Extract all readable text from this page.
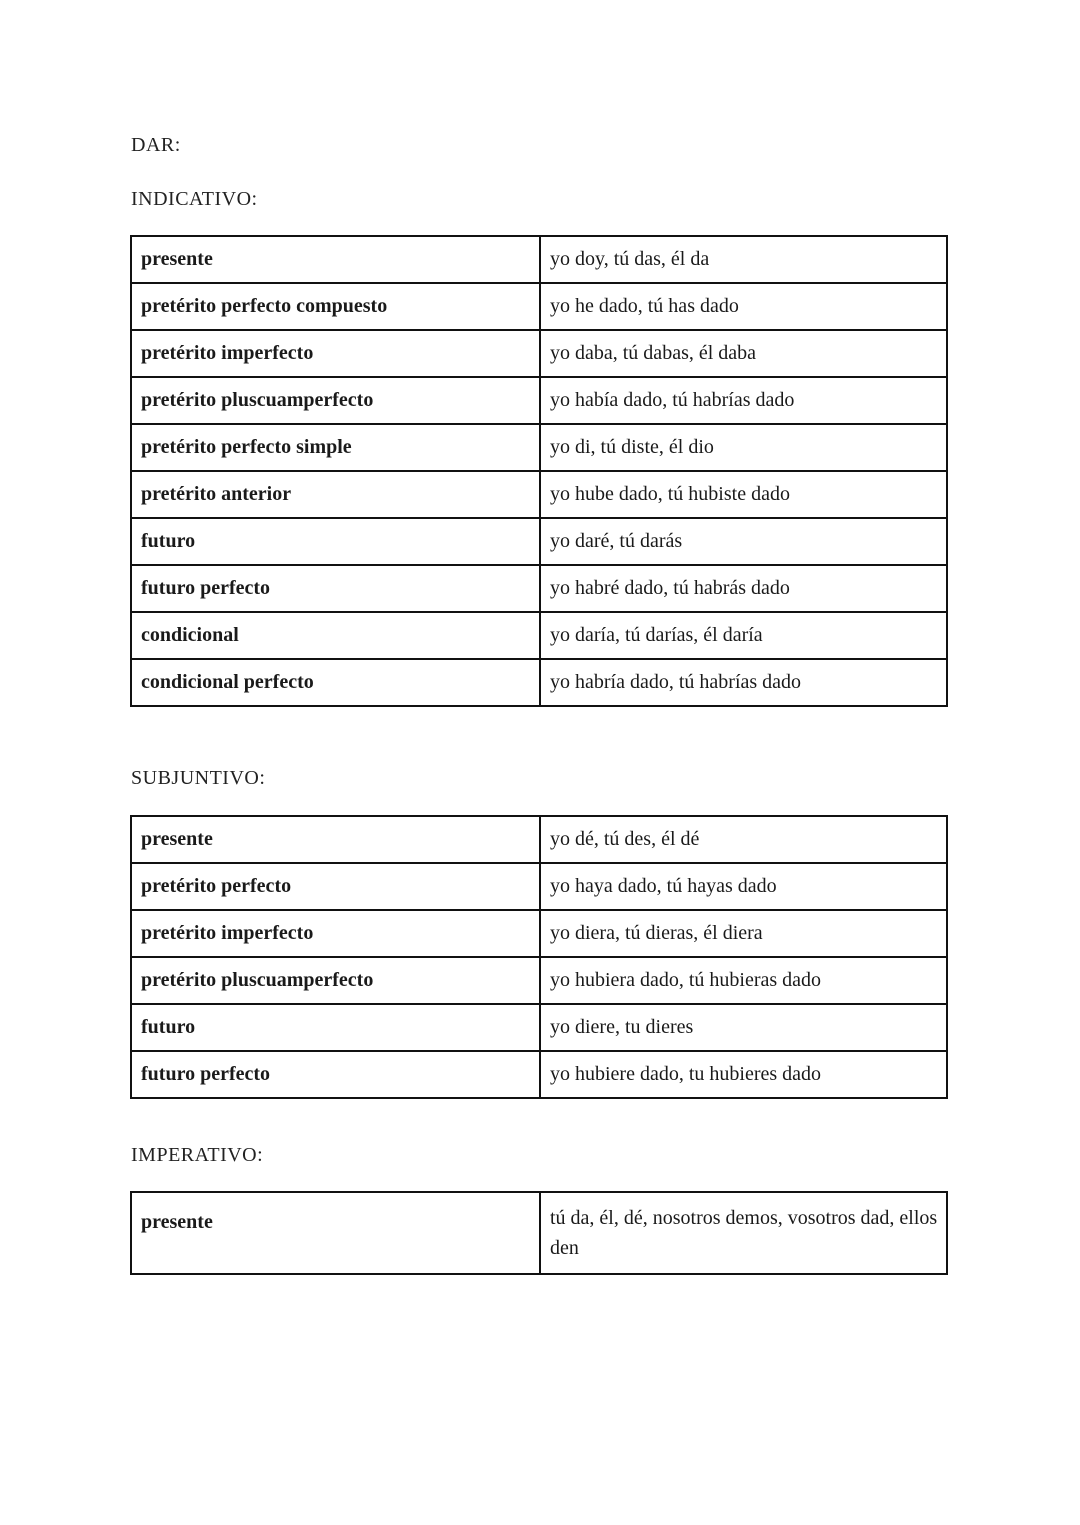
DAR:
INDICATIVO:
presente	yo doy, tú das, él da
pretérito perfecto compuesto	yo he dado, tú has dado
pretérito imperfecto	yo daba, tú dabas, él daba
pretérito pluscuamperfecto	yo había dado, tú habrías dado
pretérito perfecto simple	yo di, tú diste, él dio
pretérito anterior	yo hube dado, tú hubiste dado
futuro	yo daré, tú darás
futuro perfecto	yo habré dado, tú habrás dado
condicional	yo daría, tú darías, él daría
condicional perfecto	yo habría dado, tú habrías dado
SUBJUNTIVO:
presente	yo dé, tú des, él dé
pretérito perfecto	yo haya dado, tú hayas dado
pretérito imperfecto	yo diera, tú dieras, él diera
pretérito pluscuamperfecto	yo hubiera dado, tú hubieras dado
futuro	yo diere, tu dieres
futuro perfecto	yo hubiere dado, tu hubieres dado
IMPERATIVO:
presente	tú da, él, dé, nosotros demos, vosotros dad, ellos den
